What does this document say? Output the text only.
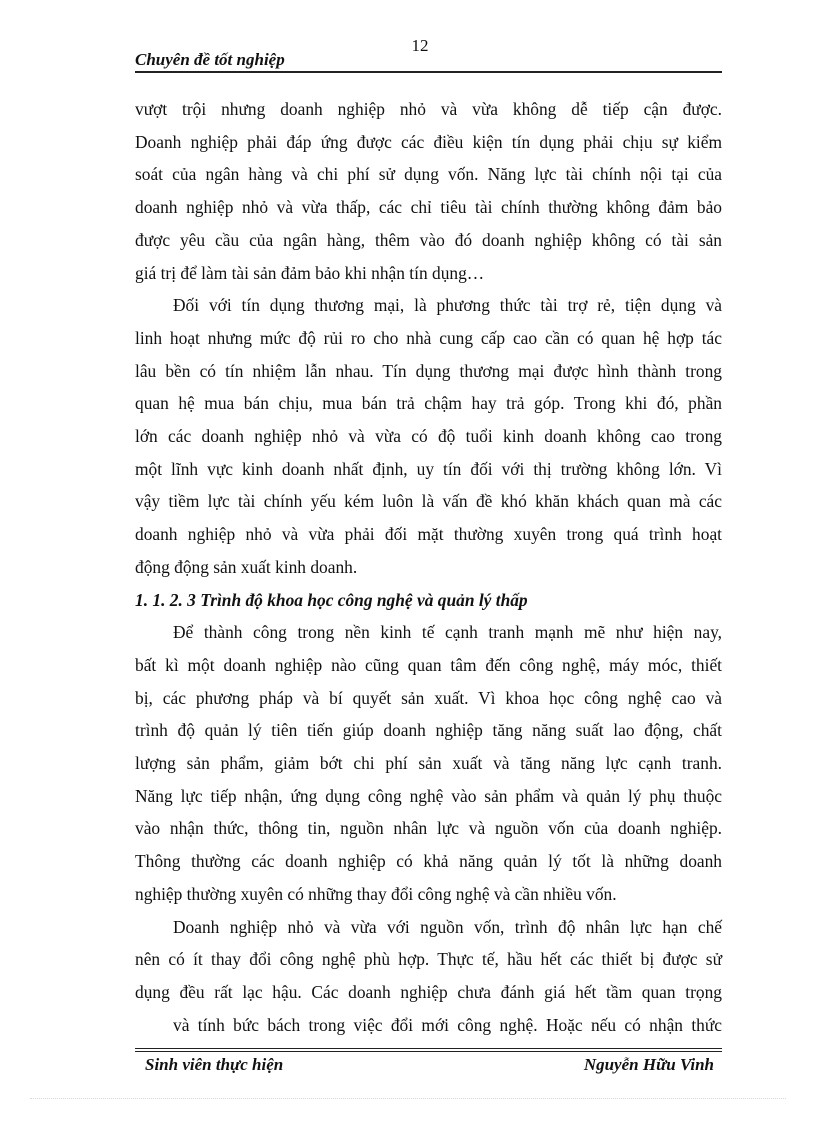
12
Chuyên đề tốt nghiệp
vượt trội nhưng doanh nghiệp nhỏ và vừa không dễ tiếp cận được.
Doanh nghiệp phải đáp ứng được các điều kiện tín dụng phải chịu sự kiểm
soát của ngân hàng và chi phí sử dụng vốn. Năng lực tài chính nội tại của
doanh nghiệp nhỏ và vừa thấp, các chỉ tiêu tài chính thường không đảm bảo
được yêu cầu của ngân hàng, thêm vào đó doanh nghiệp không có tài sản
giá trị để làm tài sản đảm bảo khi nhận tín dụng…
Đối với tín dụng thương mại, là phương thức tài trợ rẻ, tiện dụng và
linh hoạt nhưng mức độ rủi ro cho nhà cung cấp cao cần có quan hệ hợp tác
lâu bền có tín nhiệm lẫn nhau. Tín dụng thương mại được hình thành trong
quan hệ mua bán chịu, mua bán trả chậm hay trả góp. Trong khi đó, phần
lớn các doanh nghiệp nhỏ và vừa có độ tuổi kinh doanh không cao trong
một lĩnh vực kinh doanh nhất định, uy tín đối với thị trường không lớn. Vì
vậy tiềm lực tài chính yếu kém luôn là vấn đề khó khăn khách quan mà các
doanh nghiệp nhỏ và vừa phải đối mặt thường xuyên trong quá trình hoạt
động động sản xuất kinh doanh.
1. 1. 2. 3 Trình độ khoa học công nghệ và quản lý thấp
Để thành công trong nền kinh tế cạnh tranh mạnh mẽ như hiện nay,
bất kì một doanh nghiệp nào cũng quan tâm đến công nghệ, máy móc, thiết
bị, các phương pháp và bí quyết sản xuất. Vì khoa học công nghệ cao và
trình độ quản lý tiên tiến giúp doanh nghiệp tăng năng suất lao động, chất
lượng sản phẩm, giảm bớt chi phí sản xuất và tăng năng lực cạnh tranh.
Năng lực tiếp nhận, ứng dụng công nghệ vào sản phẩm và quản lý phụ thuộc
vào nhận thức, thông tin, nguồn nhân lực và nguồn vốn của doanh nghiệp.
Thông thường các doanh nghiệp có khả năng quản lý tốt là những doanh
nghiệp thường xuyên có những thay đổi công nghệ và cần nhiều vốn.
Doanh nghiệp nhỏ và vừa với nguồn vốn, trình độ nhân lực hạn chế
nên có ít thay đổi công nghệ phù hợp. Thực tế, hầu hết các thiết bị được sử
dụng đều rất lạc hậu. Các doanh nghiệp chưa đánh giá hết tầm quan trọng
và tính bức bách trong việc đổi mới công nghệ. Hoặc nếu có nhận thức
Sinh viên thực hiện	Nguyễn Hữu Vinh
